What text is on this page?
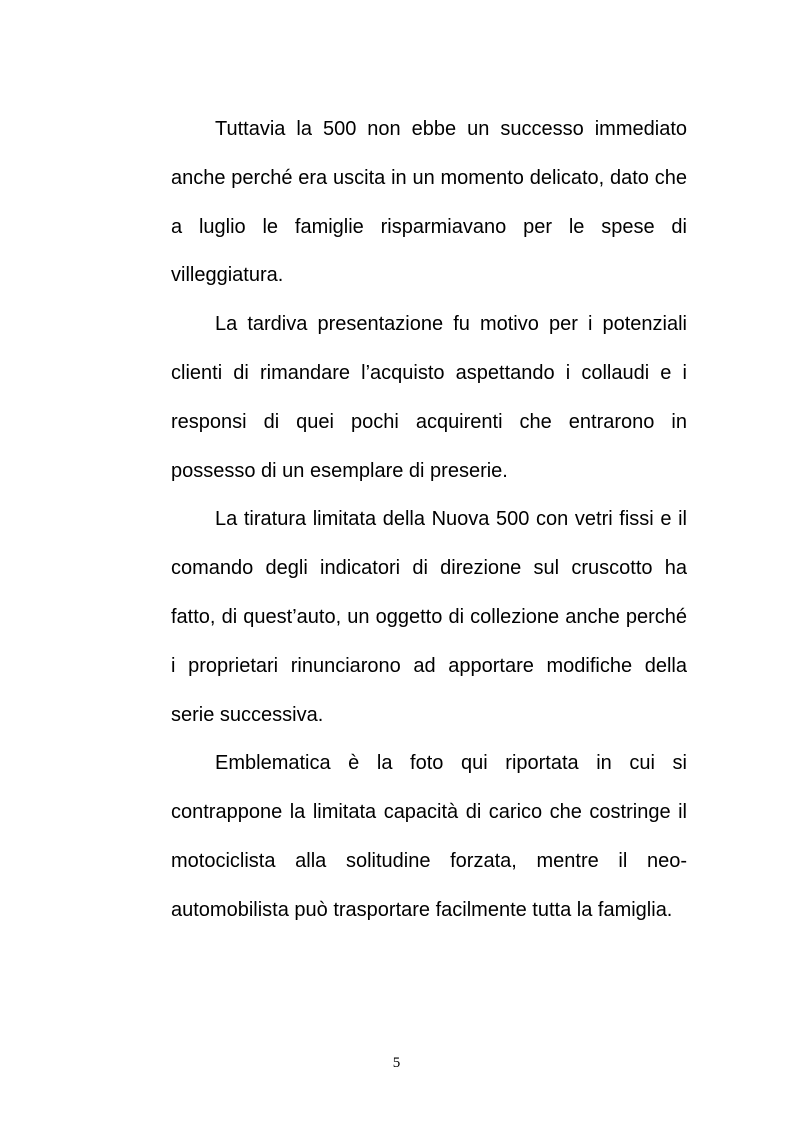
Tuttavia la 500 non ebbe un successo immediato anche perché era uscita in un momento delicato, dato che a luglio le famiglie risparmiavano per le spese di villeggiatura.

La tardiva presentazione fu motivo per i potenziali clienti di rimandare l’acquisto aspettando i collaudi e i responsi di quei pochi acquirenti che entrarono in possesso di un esemplare di preserie.

La tiratura limitata della Nuova 500 con vetri fissi e il comando degli indicatori di direzione sul cruscotto ha fatto, di quest’auto, un oggetto di collezione anche perché i proprietari rinunciarono ad apportare modifiche della serie successiva.

Emblematica è la foto qui riportata in cui si contrappone la limitata capacità di carico che costringe il motociclista alla solitudine forzata, mentre il neo-automobilista può trasportare facilmente tutta la famiglia.

5
